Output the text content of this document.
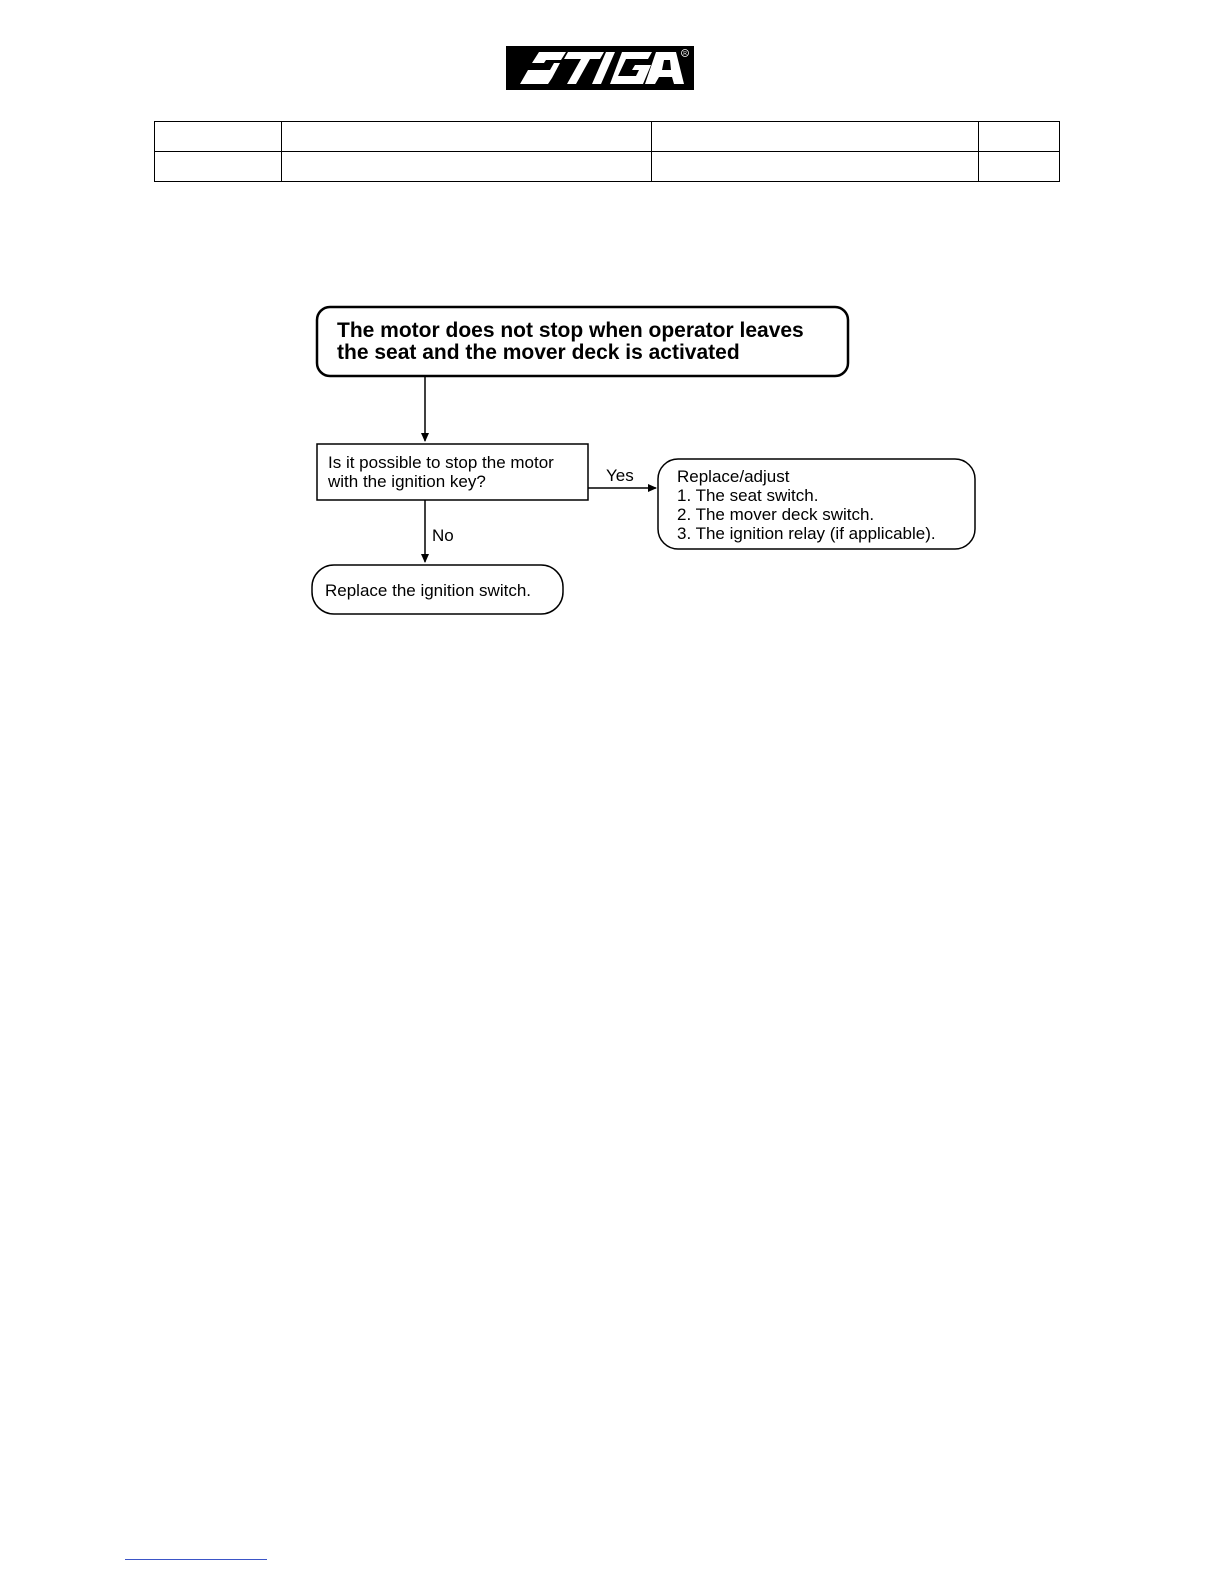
R

The motor does not stop when operator leaves
the seat and the mover deck is activated
Is it possible to stop the motor
with the ignition key?	Yes	Replace/adjust
1. The seat switch.
2. The mover deck switch.
3. The ignition relay (if applicable).
No
Replace the ignition switch.
